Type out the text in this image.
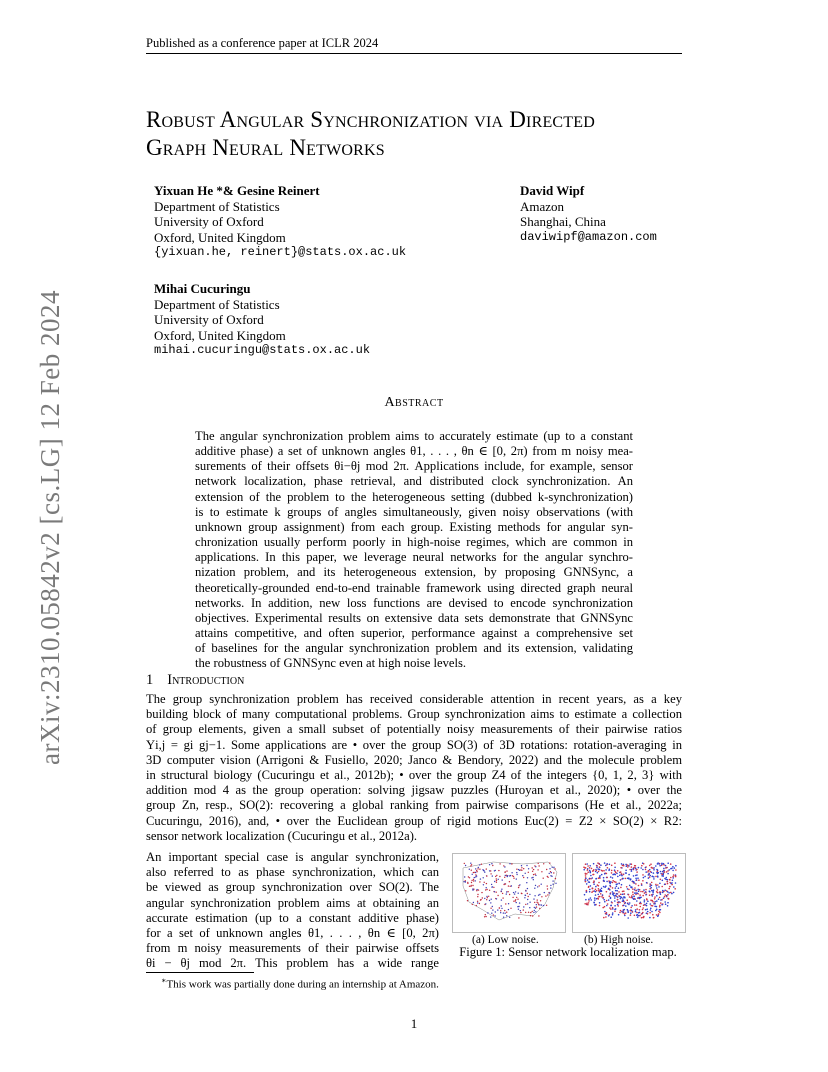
Published as a conference paper at ICLR 2024
arXiv:2310.05842v2 [cs.LG] 12 Feb 2024
Robust Angular Synchronization via Directed
Graph Neural Networks
Yixuan He *& Gesine Reinert
Department of Statistics
University of Oxford
Oxford, United Kingdom
{yixuan.he, reinert}@stats.ox.ac.uk
David Wipf
Amazon
Shanghai, China
daviwipf@amazon.com
Mihai Cucuringu
Department of Statistics
University of Oxford
Oxford, United Kingdom
mihai.cucuringu@stats.ox.ac.uk
Abstract
The angular synchronization problem aims to accurately estimate (up to a constant
additive phase) a set of unknown angles θ1, . . . , θn ∈ [0, 2π) from m noisy mea-
surements of their offsets θi−θj mod 2π. Applications include, for example, sensor
network localization, phase retrieval, and distributed clock synchronization. An
extension of the problem to the heterogeneous setting (dubbed k-synchronization)
is to estimate k groups of angles simultaneously, given noisy observations (with
unknown group assignment) from each group. Existing methods for angular syn-
chronization usually perform poorly in high-noise regimes, which are common in
applications. In this paper, we leverage neural networks for the angular synchro-
nization problem, and its heterogeneous extension, by proposing GNNSync, a
theoretically-grounded end-to-end trainable framework using directed graph neural
networks. In addition, new loss functions are devised to encode synchronization
objectives. Experimental results on extensive data sets demonstrate that GNNSync
attains competitive, and often superior, performance against a comprehensive set
of baselines for the angular synchronization problem and its extension, validating
the robustness of GNNSync even at high noise levels.
1 Introduction
The group synchronization problem has received considerable attention in recent years, as a key
building block of many computational problems. Group synchronization aims to estimate a collection
of group elements, given a small subset of potentially noisy measurements of their pairwise ratios
Υi,j = gi gj−1. Some applications are • over the group SO(3) of 3D rotations: rotation-averaging in
3D computer vision (Arrigoni & Fusiello, 2020; Janco & Bendory, 2022) and the molecule problem
in structural biology (Cucuringu et al., 2012b); • over the group Z4 of the integers {0, 1, 2, 3} with
addition mod 4 as the group operation: solving jigsaw puzzles (Huroyan et al., 2020); • over the
group Zn, resp., SO(2): recovering a global ranking from pairwise comparisons (He et al., 2022a;
Cucuringu, 2016), and, • over the Euclidean group of rigid motions Euc(2) = Z2 × SO(2) × R2:
sensor network localization (Cucuringu et al., 2012a).
An important special case is angular synchronization,
also referred to as phase synchronization, which can
be viewed as group synchronization over SO(2). The
angular synchronization problem aims at obtaining an
accurate estimation (up to a constant additive phase)
for a set of unknown angles θ1, . . . , θn ∈ [0, 2π)
from m noisy measurements of their pairwise offsets
θi − θj mod 2π. This problem has a wide range
(a) Low noise.	(b) High noise.
Figure 1: Sensor network localization map.
∗This work was partially done during an internship at Amazon.
1
